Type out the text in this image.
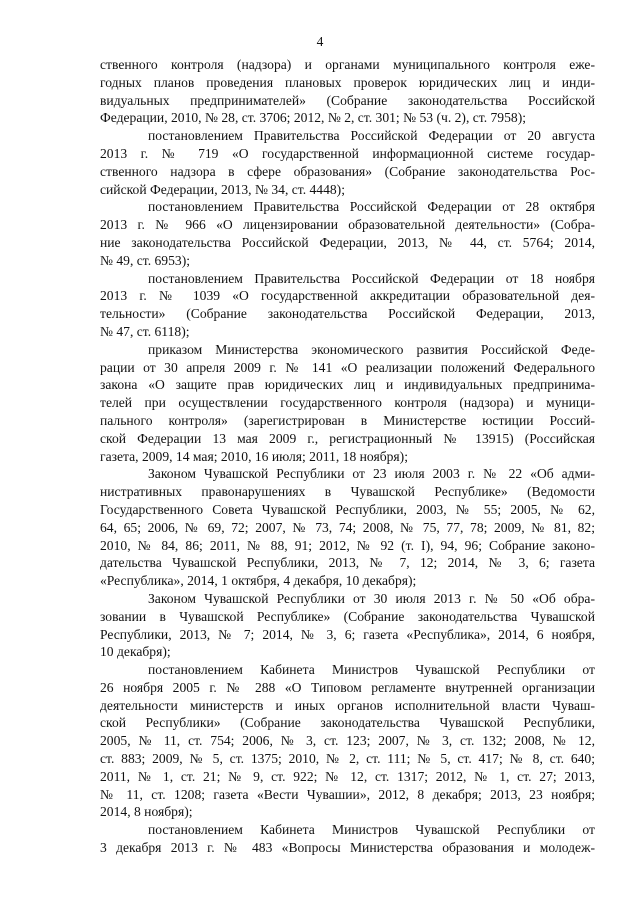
4
ственного контроля (надзора) и органами муниципального контроля еже-
годных планов проведения плановых проверок юридических лиц и инди-
видуальных предпринимателей» (Собрание законодательства Российской
Федерации, 2010, № 28, ст. 3706; 2012, № 2, ст. 301; № 53 (ч. 2), ст. 7958);
постановлением Правительства Российской Федерации от 20 августа
2013 г. № 719 «О государственной информационной системе государ-
ственного надзора в сфере образования» (Собрание законодательства Рос-
сийской Федерации, 2013, № 34, ст. 4448);
постановлением Правительства Российской Федерации от 28 октября
2013 г. № 966 «О лицензировании образовательной деятельности» (Собра-
ние законодательства Российской Федерации, 2013, № 44, ст. 5764; 2014,
№ 49, ст. 6953);
постановлением Правительства Российской Федерации от 18 ноября
2013 г. № 1039 «О государственной аккредитации образовательной дея-
тельности» (Собрание законодательства Российской Федерации, 2013,
№ 47, ст. 6118);
приказом Министерства экономического развития Российской Феде-
рации от 30 апреля 2009 г. № 141 «О реализации положений Федерального
закона «О защите прав юридических лиц и индивидуальных предпринима-
телей при осуществлении государственного контроля (надзора) и муници-
пального контроля» (зарегистрирован в Министерстве юстиции Россий-
ской Федерации 13 мая 2009 г., регистрационный № 13915) (Российская
газета, 2009, 14 мая; 2010, 16 июля; 2011, 18 ноября);
Законом Чувашской Республики от 23 июля 2003 г. № 22 «Об адми-
нистративных правонарушениях в Чувашской Республике» (Ведомости
Государственного Совета Чувашской Республики, 2003, № 55; 2005, № 62,
64, 65; 2006, № 69, 72; 2007, № 73, 74; 2008, № 75, 77, 78; 2009, № 81, 82;
2010, № 84, 86; 2011, № 88, 91; 2012, № 92 (т. I), 94, 96; Собрание законо-
дательства Чувашской Республики, 2013, № 7, 12; 2014, № 3, 6; газета
«Республика», 2014, 1 октября, 4 декабря, 10 декабря);
Законом Чувашской Республики от 30 июля 2013 г. № 50 «Об обра-
зовании в Чувашской Республике» (Собрание законодательства Чувашской
Республики, 2013, № 7; 2014, № 3, 6; газета «Республика», 2014, 6 ноября,
10 декабря);
постановлением Кабинета Министров Чувашской Республики от
26 ноября 2005 г. № 288 «О Типовом регламенте внутренней организации
деятельности министерств и иных органов исполнительной власти Чуваш-
ской Республики» (Собрание законодательства Чувашской Республики,
2005, № 11, ст. 754; 2006, № 3, ст. 123; 2007, № 3, ст. 132; 2008, № 12,
ст. 883; 2009, № 5, ст. 1375; 2010, № 2, ст. 111; № 5, ст. 417; № 8, ст. 640;
2011, № 1, ст. 21; № 9, ст. 922; № 12, ст. 1317; 2012, № 1, ст. 27; 2013,
№ 11, ст. 1208; газета «Вести Чувашии», 2012, 8 декабря; 2013, 23 ноября;
2014, 8 ноября);
постановлением Кабинета Министров Чувашской Республики от
3 декабря 2013 г. № 483 «Вопросы Министерства образования и молодеж-
